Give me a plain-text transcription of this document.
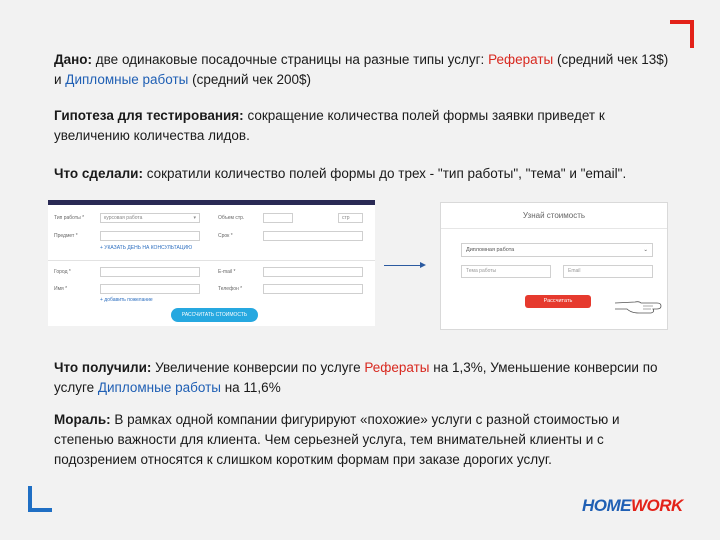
Дано: две одинаковые посадочные страницы на разные типы услуг: Рефераты (средний чек 13$) и Дипломные работы (средний чек 200$)
Гипотеза для тестирования: сокращение количества полей формы заявки приведет к увеличению количества лидов.
Что сделали: сократили количество полей формы до трех - "тип работы", "тема" и "email".
Тип работы *	курсовая работа	▾	Объем стр.	стр
Предмет *	Срок *
+ УКАЗАТЬ ДЕНЬ НА КОНСУЛЬТАЦИЮ
Город *	E-mail *
Имя *	Телефон *
+ добавить пожелание
РАССЧИТАТЬ СТОИМОСТЬ
Узнай стоимость
Дипломная работа	⌄
Тема работы	Email
Рассчитать
Что получили: Увеличение конверсии по услуге Рефераты на 1,3%, Уменьшение конверсии по услуге Дипломные работы на 11,6%
Мораль: В рамках одной компании фигурируют «похожие» услуги с разной стоимостью и степенью важности для клиента. Чем серьезней услуга, тем внимательней клиенты и с подозрением относятся к слишком коротким формам при заказе дорогих услуг.
HOMEWORK
